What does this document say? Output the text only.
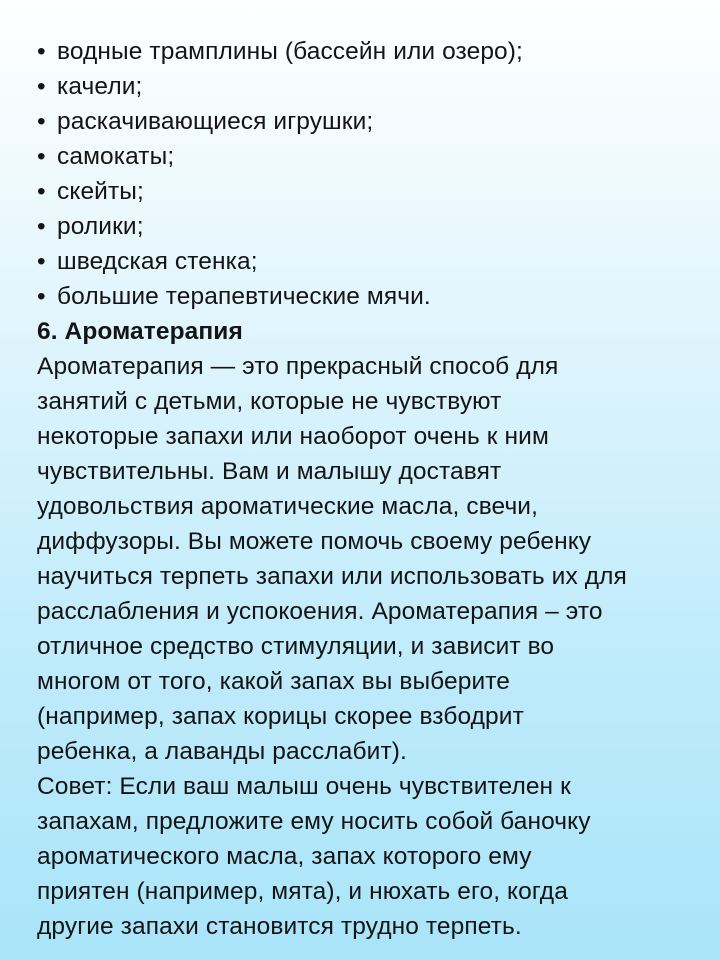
• водные трамплины (бассейн или озеро);
• качели;
• раскачивающиеся игрушки;
• самокаты;
• скейты;
• ролики;
• шведская стенка;
• большие терапевтические мячи.
6. Ароматерапия
Ароматерапия — это прекрасный способ для
занятий с детьми, которые не чувствуют
некоторые запахи или наоборот очень к ним
чувствительны. Вам и малышу доставят
удовольствия ароматические масла, свечи,
диффузоры. Вы можете помочь своему ребенку
научиться терпеть запахи или использовать их для
расслабления и успокоения. Ароматерапия – это
отличное средство стимуляции, и зависит во
многом от того, какой запах вы выберите
(например, запах корицы скорее взбодрит
ребенка, а лаванды расслабит).
Совет: Если ваш малыш очень чувствителен к
запахам, предложите ему носить собой баночку
ароматического масла, запах которого ему
приятен (например, мята), и нюхать его, когда
другие запахи становится трудно терпеть.
